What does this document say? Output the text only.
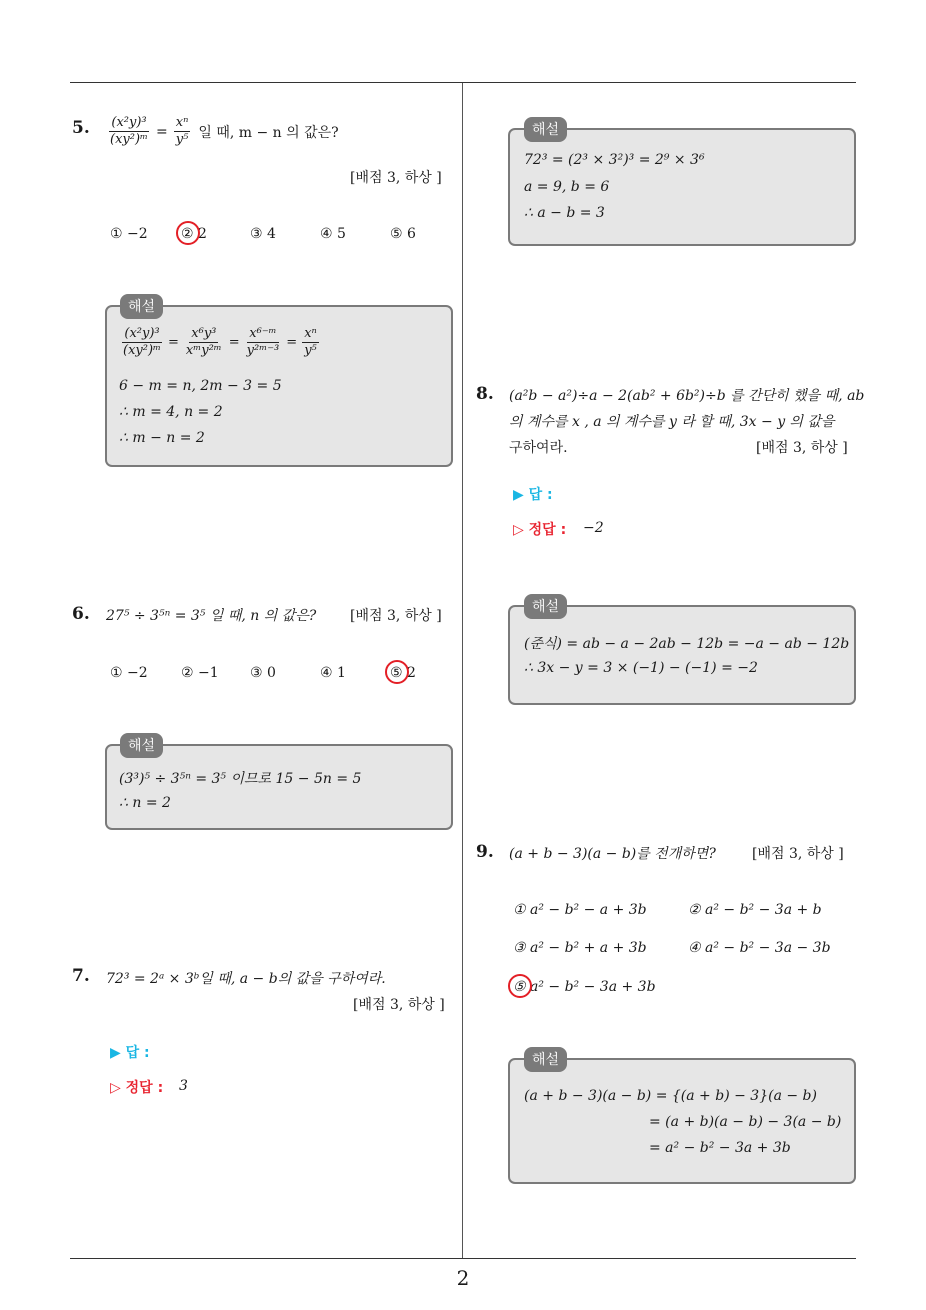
5. $\frac{\text{(x²y)³}}{\text{(xy²)ᵐ}} = \frac{\text{xⁿ}}{\text{y⁵}}$ 일 때, m − n 의 값은?
[배점 3, 하상 ]
① −2 ② 2	③ 4	④ 5	⑤ 6
$\frac{\text{(x²y)³}}{\text{(xy²)ᵐ}} = \frac{\text{x⁶y³}}{\text{xᵐy²ᵐ}} = \frac{\text{x⁶⁻ᵐ}}{\text{y²ᵐ⁻³}} = \frac{\text{xⁿ}}{\text{y⁵}}$
6 − m = n, 2m − 3 = 5
∴ m = 4, n = 2
∴ m − n = 2
해설
6. 27⁵ ÷ 3⁵ⁿ = 3⁵ 일 때, n 의 값은? [배점 3, 하상 ]
① −2 ② −1 ③ 0	④ 1	⑤ 2
(3³)⁵ ÷ 3⁵ⁿ = 3⁵ 이므로 15 − 5n = 5
∴ n = 2
해설
7. 72³ = 2ᵃ × 3ᵇ일 때, a − b의 값을 구하여라.
[배점 3, 하상 ]
▶ 답 :
▷ 정답 : 3
72³ = (2³ × 3²)³ = 2⁹ × 3⁶
a = 9, b = 6
∴ a − b = 3
해설
8. (a²b − a²)÷a − 2(ab² + 6b²)÷b 를 간단히 했을 때, ab
의 계수를 x , a 의 계수를 y 라 할 때, 3x − y 의 값을
구하여라.	[배점 3, 하상 ]
▶ 답 :
▷ 정답 : −2
(준식) = ab − a − 2ab − 12b = −a − ab − 12b
∴ 3x − y = 3 × (−1) − (−1) = −2
해설
9. (a + b − 3)(a − b)를 전개하면?	[배점 3, 하상 ]
① a² − b² − a + 3b	② a² − b² − 3a + b
③ a² − b² + a + 3b	④ a² − b² − 3a − 3b
⑤ a² − b² − 3a + 3b
(a + b − 3)(a − b) = {(a + b) − 3}(a − b)
= (a + b)(a − b) − 3(a − b)
= a² − b² − 3a + 3b
해설
2
